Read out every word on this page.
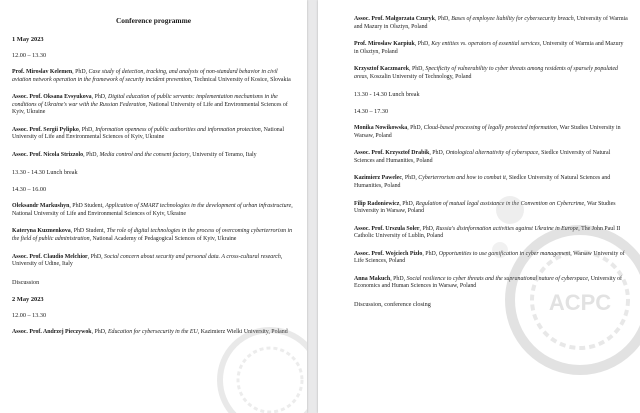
Conference programme
1 May 2023
12.00 – 13.30
Prof. Miroslav Kelemen, PhD, Case study of detection, tracking, and analysis of non-standard behavior in civil aviation network operation in the framework of security incident prevention, Technical University of Kosice, Slovakia
Assoc. Prof. Oksana Evsyukova, PhD, Digital education of public servants: implementation mechanisms in the conditions of Ukraine's war with the Russian Federation, National University of Life and Environmental Sciences of Kyiv, Ukraine
Assoc. Prof. Sergii Pylipko, PhD, Information openness of public authorities and information protection, National University of Life and Environmental Sciences of Kyiv, Ukraine
Assoc. Prof. Nicola Strizzolo, PhD, Media control and the consent factory, University of Teramo, Italy
13.30 - 14.30 Lunch break
14.30 – 16.00
Oleksandr Markushyn, PhD Student, Application of SMART technologies in the development of urban infrastructure, National University of Life and Environmental Sciences of Kyiv, Ukraine
Kateryna Kuzmenkova, PhD Student, The role of digital technologies in the process of overcoming cyberterrorism in the field of public administration, National Academy of Pedagogical Sciences of Kyiv, Ukraine
Assoc. Prof. Claudio Melchior, PhD, Social concern about security and personal data. A cross-cultural research, University of Udine, Italy
Discussion
2 May 2023
12.00 – 13.30
Assoc. Prof. Andrzej Pieczywok, PhD, Education for cybersecurity in the EU, Kazimierz Wielki University, Poland
Assoc. Prof. Małgorzata Czuryk, PhD, Bases of employee liability for cybersecurity breach, University of Warmia and Mazury in Olsztyn, Poland
Prof. Mirosław Karpiuk, PhD, Key entities vs. operators of essential services, University of Warmia and Mazury in Olsztyn, Poland
Krzysztof Kaczmarek, PhD, Specificity of vulnerability to cyber threats among residents of sparsely populated areas, Koszalin University of Technology, Poland
13.30 - 14.30 Lunch break
14.30 – 17.30
Monika Nowikowska, PhD, Cloud-based processing of legally protected information, War Studies University in Warsaw, Poland
Assoc. Prof. Krzysztof Drabik, PhD, Ontological alternativity of cyberspace, Siedlce University of Natural Sciences and Humanities, Poland
Kazimierz Pawelec, PhD, Cyberterrorism and how to combat it, Siedlce University of Natural Sciences and Humanities, Poland
Filip Radoniewicz, PhD, Regulation of mutual legal assistance in the Convention on Cybercrime, War Studies University in Warsaw, Poland
Assoc. Prof. Urszula Soler, PhD, Russia's disinformation activities against Ukraine in Europe, The John Paul II Catholic University of Lublin, Poland
Assoc. Prof. Wojciech Pizło, PhD, Opportunities to use gamification in cyber management, Warsaw University of Life Sciences, Poland
Anna Makuch, PhD, Social resilience to cyber threats and the supranational nature of cyberspace, University of Economics and Human Sciences in Warsaw, Poland
Discussion, conference closing	ACPC
